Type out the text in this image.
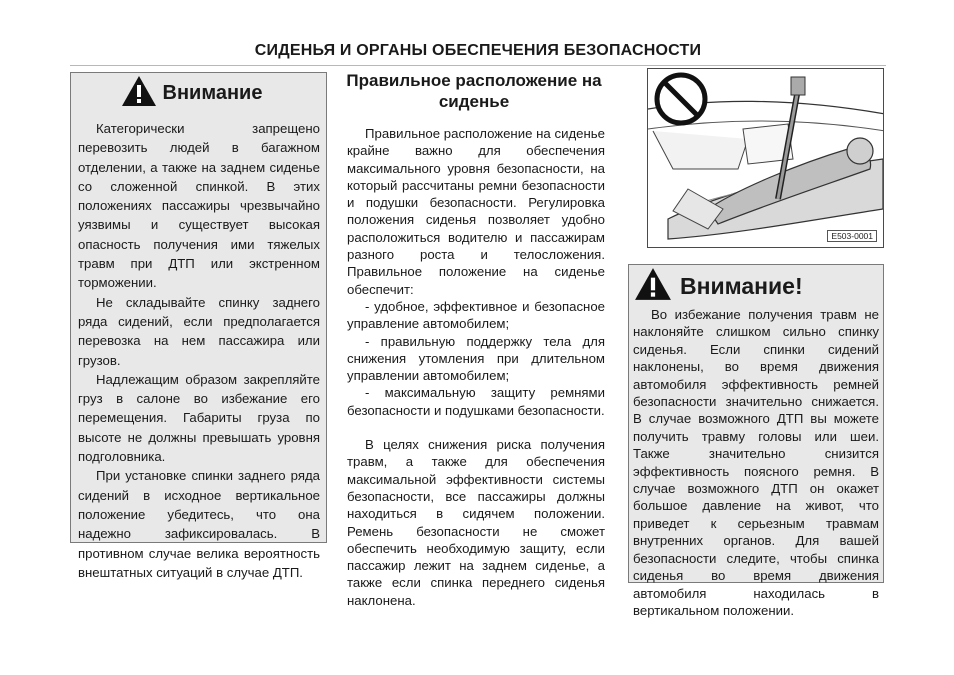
СИДЕНЬЯ И ОРГАНЫ ОБЕСПЕЧЕНИЯ БЕЗОПАСНОСТИ
Внимание

Категорически запрещено перевозить людей в багажном отделении, а также на заднем сиденье со сложенной спинкой. В этих положениях пассажиры чрезвычайно уязвимы и существует высокая опасность получения ими тяжелых травм при ДТП или экстренном торможении.

Не складывайте спинку заднего ряда сидений, если предполагается перевозка на нем пассажира или грузов.

Надлежащим образом закрепляйте груз в салоне во избежание его перемещения. Габариты груза по высоте не должны превышать уровня подголовника.

При установке спинки заднего ряда сидений в исходное вертикальное положение убедитесь, что она надежно зафиксировалась. В противном случае велика вероятность внештатных ситуаций в случае ДТП.

Правильное расположение на сиденье

Правильное расположение на сиденье крайне важно для обеспечения максимального уровня безопасности, на который рассчитаны ремни безопасности и подушки безопасности. Регулировка положения сиденья позволяет удобно расположиться водителю и пассажирам разного роста и телосложения. Правильное положение на сиденье обеспечит:

- удобное, эффективное и безопасное управление автомобилем;

- правильную поддержку тела для снижения утомления при длительном управлении автомобилем;

- максимальную защиту ремнями безопасности и подушками безопасности.

В целях снижения риска получения травм, а также для обеспечения максимальной эффективности системы безопасности, все пассажиры должны находиться в сидячем положении. Ремень безопасности не сможет обеспечить необходимую защиту, если пассажир лежит на заднем сиденье, а также если спинка переднего сиденья наклонена.

E503-0001
Внимание!

Во избежание получения травм не наклоняйте слишком сильно спинку сиденья. Если спинки сидений наклонены, во время движения автомобиля эффективность ремней безопасности значительно снижается. В случае возможного ДТП вы можете получить травму головы или шеи. Также значительно снизится эффективность поясного ремня. В случае возможного ДТП он окажет большое давление на живот, что приведет к серьезным травмам внутренних органов. Для вашей безопасности следите, чтобы спинка сиденья во время движения автомобиля находилась в вертикальном положении.
